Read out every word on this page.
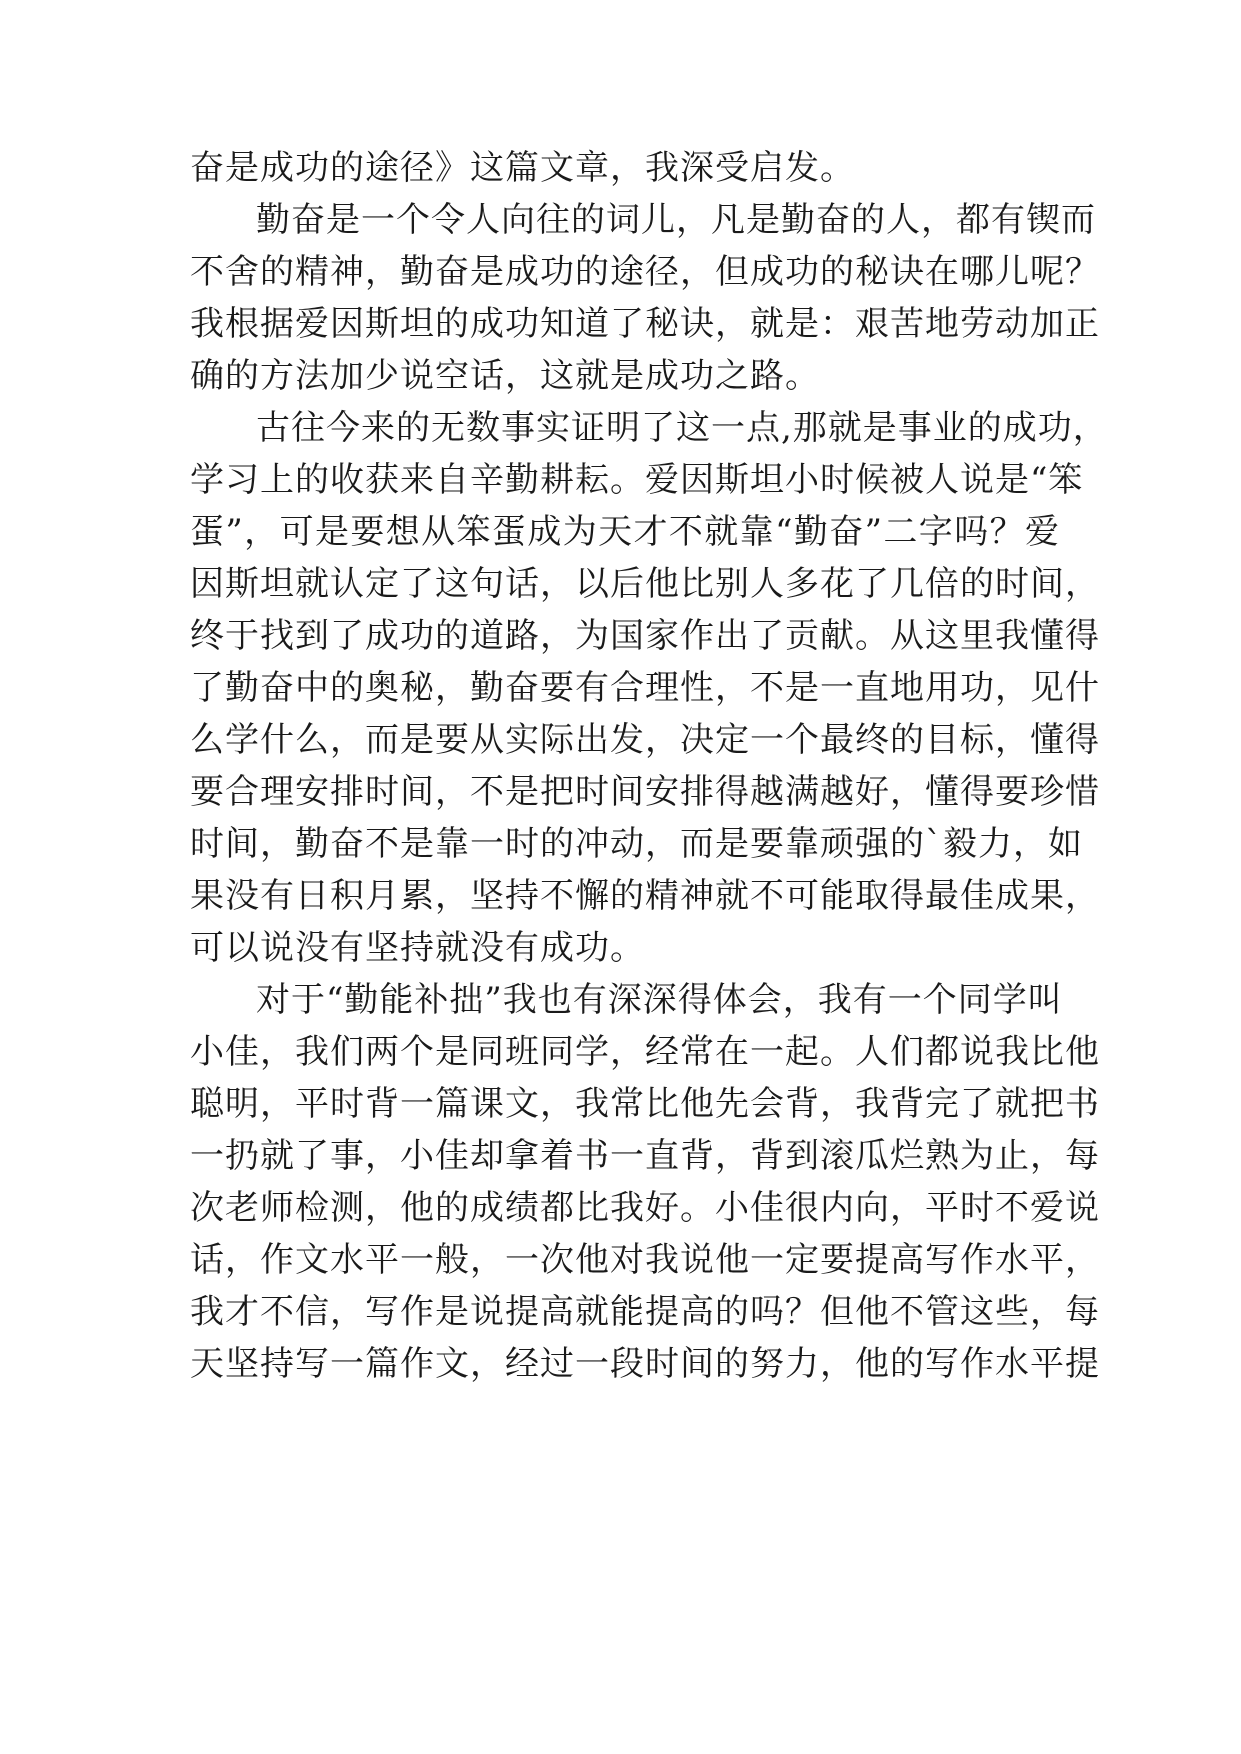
奋是成功的途径》这篇文章，我深受启发。
勤奋是一个令人向往的词儿，凡是勤奋的人，都有锲而
不舍的精神，勤奋是成功的途径，但成功的秘诀在哪儿呢？
我根据爱因斯坦的成功知道了秘诀，就是：艰苦地劳动加正
确的方法加少说空话，这就是成功之路。
古往今来的无数事实证明了这一点,那就是事业的成功，
学习上的收获来自辛勤耕耘。爱因斯坦小时候被人说是“笨
蛋”，可是要想从笨蛋成为天才不就靠“勤奋”二字吗？爱
因斯坦就认定了这句话，以后他比别人多花了几倍的时间，
终于找到了成功的道路，为国家作出了贡献。从这里我懂得
了勤奋中的奥秘，勤奋要有合理性，不是一直地用功，见什
么学什么，而是要从实际出发，决定一个最终的目标，懂得
要合理安排时间，不是把时间安排得越满越好，懂得要珍惜
时间，勤奋不是靠一时的冲动，而是要靠顽强的`毅力，如
果没有日积月累，坚持不懈的精神就不可能取得最佳成果，
可以说没有坚持就没有成功。
对于“勤能补拙”我也有深深得体会，我有一个同学叫
小佳，我们两个是同班同学，经常在一起。人们都说我比他
聪明，平时背一篇课文，我常比他先会背，我背完了就把书
一扔就了事，小佳却拿着书一直背，背到滚瓜烂熟为止，每
次老师检测，他的成绩都比我好。小佳很内向，平时不爱说
话，作文水平一般，一次他对我说他一定要提高写作水平，
我才不信，写作是说提高就能提高的吗？但他不管这些，每
天坚持写一篇作文，经过一段时间的努力，他的写作水平提
